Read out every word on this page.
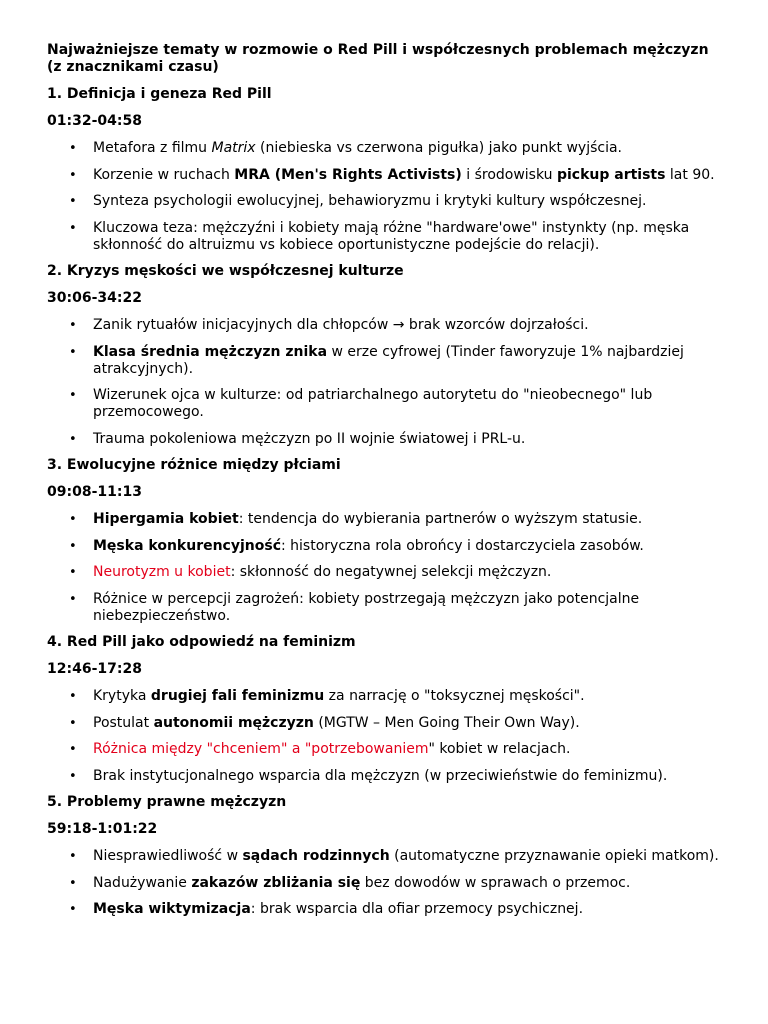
Najważniejsze tematy w rozmowie o Red Pill i współczesnych problemach mężczyzn (z znacznikami czasu)
1. Definicja i geneza Red Pill
01:32-04:58
• Metafora z filmu Matrix (niebieska vs czerwona pigułka) jako punkt wyjścia.
• Korzenie w ruchach MRA (Men's Rights Activists) i środowisku pickup artists lat 90.
• Synteza psychologii ewolucyjnej, behawioryzmu i krytyki kultury współczesnej.
• Kluczowa teza: mężczyźni i kobiety mają różne "hardware'owe" instynkty (np. męska skłonność do altruizmu vs kobiece oportunistyczne podejście do relacji).
2. Kryzys męskości we współczesnej kulturze
30:06-34:22
• Zanik rytuałów inicjacyjnych dla chłopców → brak wzorców dojrzałości.
• Klasa średnia mężczyzn znika w erze cyfrowej (Tinder faworyzuje 1% najbardziej atrakcyjnych).
• Wizerunek ojca w kulturze: od patriarchalnego autorytetu do "nieobecnego" lub przemocowego.
• Trauma pokoleniowa mężczyzn po II wojnie światowej i PRL-u.
3. Ewolucyjne różnice między płciami
09:08-11:13
• Hipergamia kobiet: tendencja do wybierania partnerów o wyższym statusie.
• Męska konkurencyjność: historyczna rola obrońcy i dostarczyciela zasobów.
• Neurotyzm u kobiet: skłonność do negatywnej selekcji mężczyzn.
• Różnice w percepcji zagrożeń: kobiety postrzegają mężczyzn jako potencjalne niebezpieczeństwo.
4. Red Pill jako odpowiedź na feminizm
12:46-17:28
• Krytyka drugiej fali feminizmu za narrację o "toksycznej męskości".
• Postulat autonomii mężczyzn (MGTW – Men Going Their Own Way).
• Różnica między "chceniem" a "potrzebowaniem" kobiet w relacjach.
• Brak instytucjonalnego wsparcia dla mężczyzn (w przeciwieństwie do feminizmu).
5. Problemy prawne mężczyzn
59:18-1:01:22
• Niesprawiedliwość w sądach rodzinnych (automatyczne przyznawanie opieki matkom).
• Nadużywanie zakazów zbliżania się bez dowodów w sprawach o przemoc.
• Męska wiktymizacja: brak wsparcia dla ofiar przemocy psychicznej.
